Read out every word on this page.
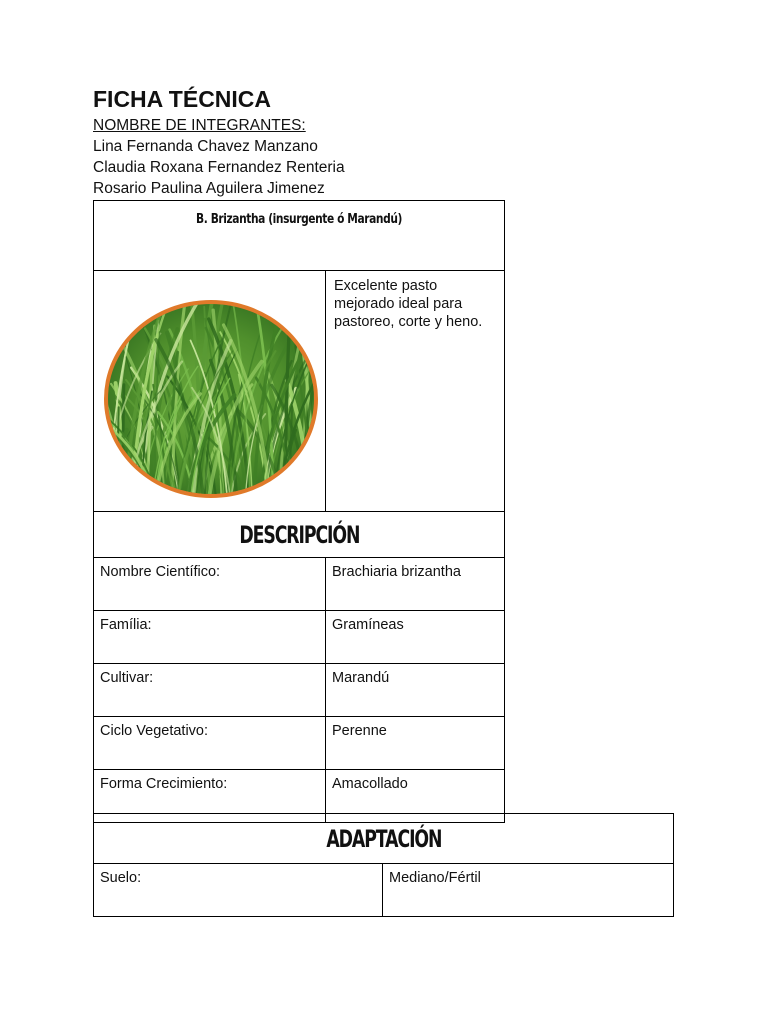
FICHA TÉCNICA

NOMBRE DE INTEGRANTES:

Lina Fernanda Chavez Manzano

Claudia Roxana Fernandez Renteria

Rosario Paulina Aguilera Jimenez

B. Brizantha (insurgente ó Marandú)	

	Excelente pasto mejorado ideal para pastoreo, corte y heno.
DESCRIPCIÓN	
Nombre Científico:	Brachiaria brizantha
Família:	Gramíneas
Cultivar:	Marandú
Ciclo Vegetativo:	Perenne
Forma Crecimiento:	Amacollado
ADAPTACIÓN
Suelo:	Mediano/Fértil
